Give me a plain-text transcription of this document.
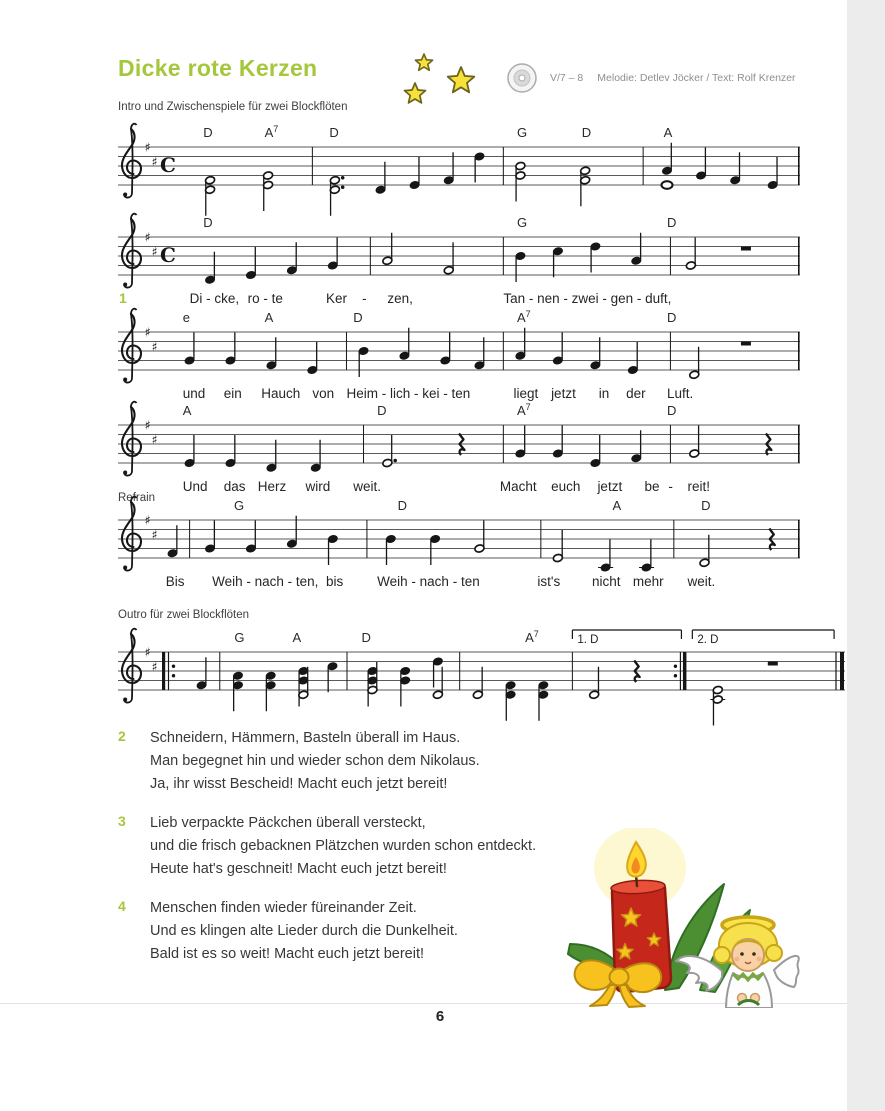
Dicke rote Kerzen	V/7 – 8 Melodie: Detlev Jöcker / Text: Rolf Krenzer
Intro und Zwischenspiele für zwei Blockflöten
1
Refrain
Outro für zwei Blockflöten
♯
♯ C
D	$A^7$	D	G	D	A
♯
♯ C
D	G	D
Di - cke, ro - te	Ker - zen,	Tan - nen - zwei - gen - duft,
♯
♯
e	A	D	$A^7$	D
und ein Hauch von Heim - lich - kei - ten	liegt jetzt in der Luft.
♯
♯
A	D	$A^7$	D
Und das Herz wird weit.	Macht euch jetzt be - reit!
♯
♯
G	D	A	D
Bis Weih - nach - ten, bis	Weih - nach - ten	ist's nicht mehr weit.
♯
♯
1. D	2. D
G	A	D	$A^7$
2	Schneidern, Hämmern, Basteln überall im Haus.
Man begegnet hin und wieder schon dem Nikolaus.
Ja, ihr wisst Bescheid! Macht euch jetzt bereit!
3	Lieb verpackte Päckchen überall versteckt,
und die frisch gebacknen Plätzchen wurden schon entdeckt.
Heute hat's geschneit! Macht euch jetzt bereit!
4	Menschen finden wieder füreinander Zeit.
Und es klingen alte Lieder durch die Dunkelheit.
Bald ist es so weit! Macht euch jetzt bereit!
6
